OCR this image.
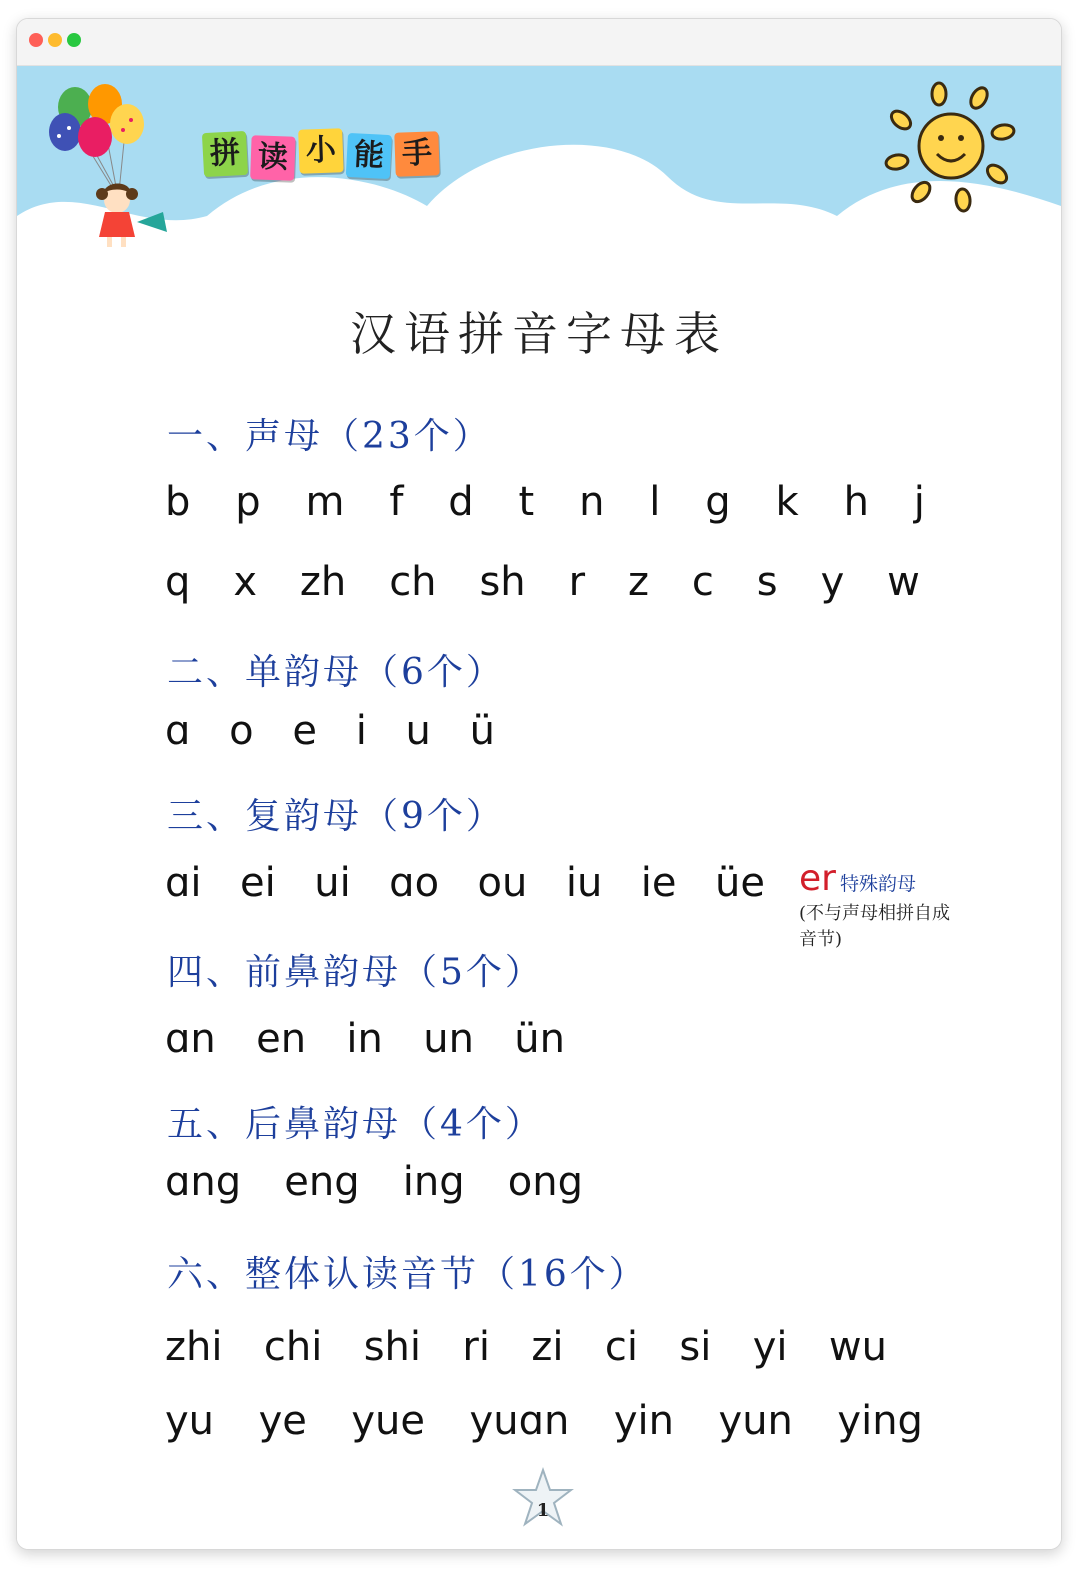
拼 读 小 能 手
汉语拼音字母表
一、声母（23个）
b p m f d t n l g k h j
q x zh ch sh r z c s y w
二、单韵母（6个）
ɑ o e i u ü
三、复韵母（9个）
ɑi ei ui ɑo ou iu ie üe er 特殊韵母
(不与声母相拼自成音节)
四、前鼻韵母（5个）
ɑn en in un ün
五、后鼻韵母（4个）
ɑng eng ing ong
六、整体认读音节（16个）
zhi chi shi ri zi ci si yi wu
yu ye yue yuɑn yin yun ying
1
